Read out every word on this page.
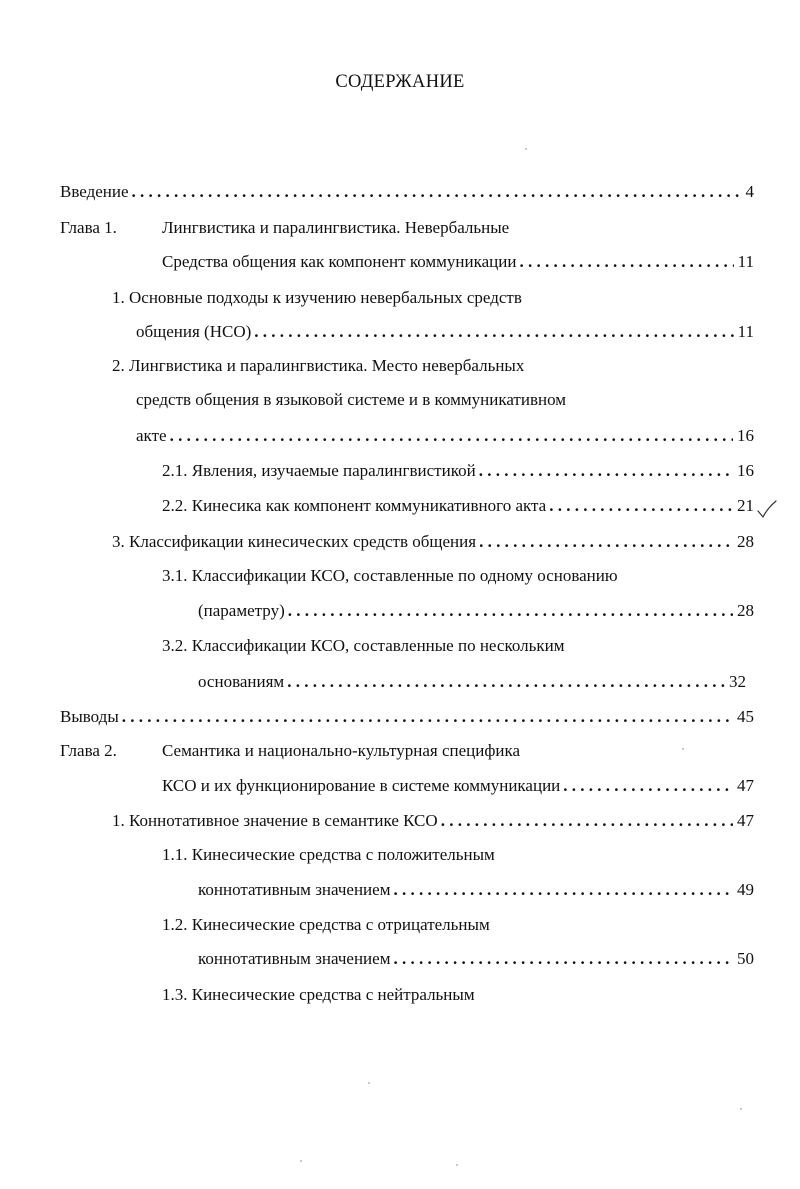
СОДЕРЖАНИЕ
Введение . . .	4
Глава 1.	Лингвистика и паралингвистика. Невербальные
Средства общения как компонент коммуникации . . .	11
1. Основные подходы к изучению невербальных средств
общения (НСО) . . .	11
2. Лингвистика и паралингвистика. Место невербальных
средств общения в языковой системе и в коммуникативном
акте . . .	16
2.1. Явления, изучаемые паралингвистикой . . .	16
2.2. Кинесика как компонент коммуникативного акта . . .	21
3. Классификации кинесических средств общения . . .	28
3.1. Классификации КСО, составленные по одному основанию
(параметру) . . .	28
3.2. Классификации КСО, составленные по нескольким
основаниям . . .	32
Выводы . . .	45
Глава 2.	Семантика и национально-культурная специфика
КСО и их функционирование в системе коммуникации . . .	47
1. Коннотативное значение в семантике КСО . . .	47
1.1. Кинесические средства с положительным
коннотативным значением . . .	49
1.2. Кинесические средства с отрицательным
коннотативным значением . . .	50
1.3. Кинесические средства с нейтральным
